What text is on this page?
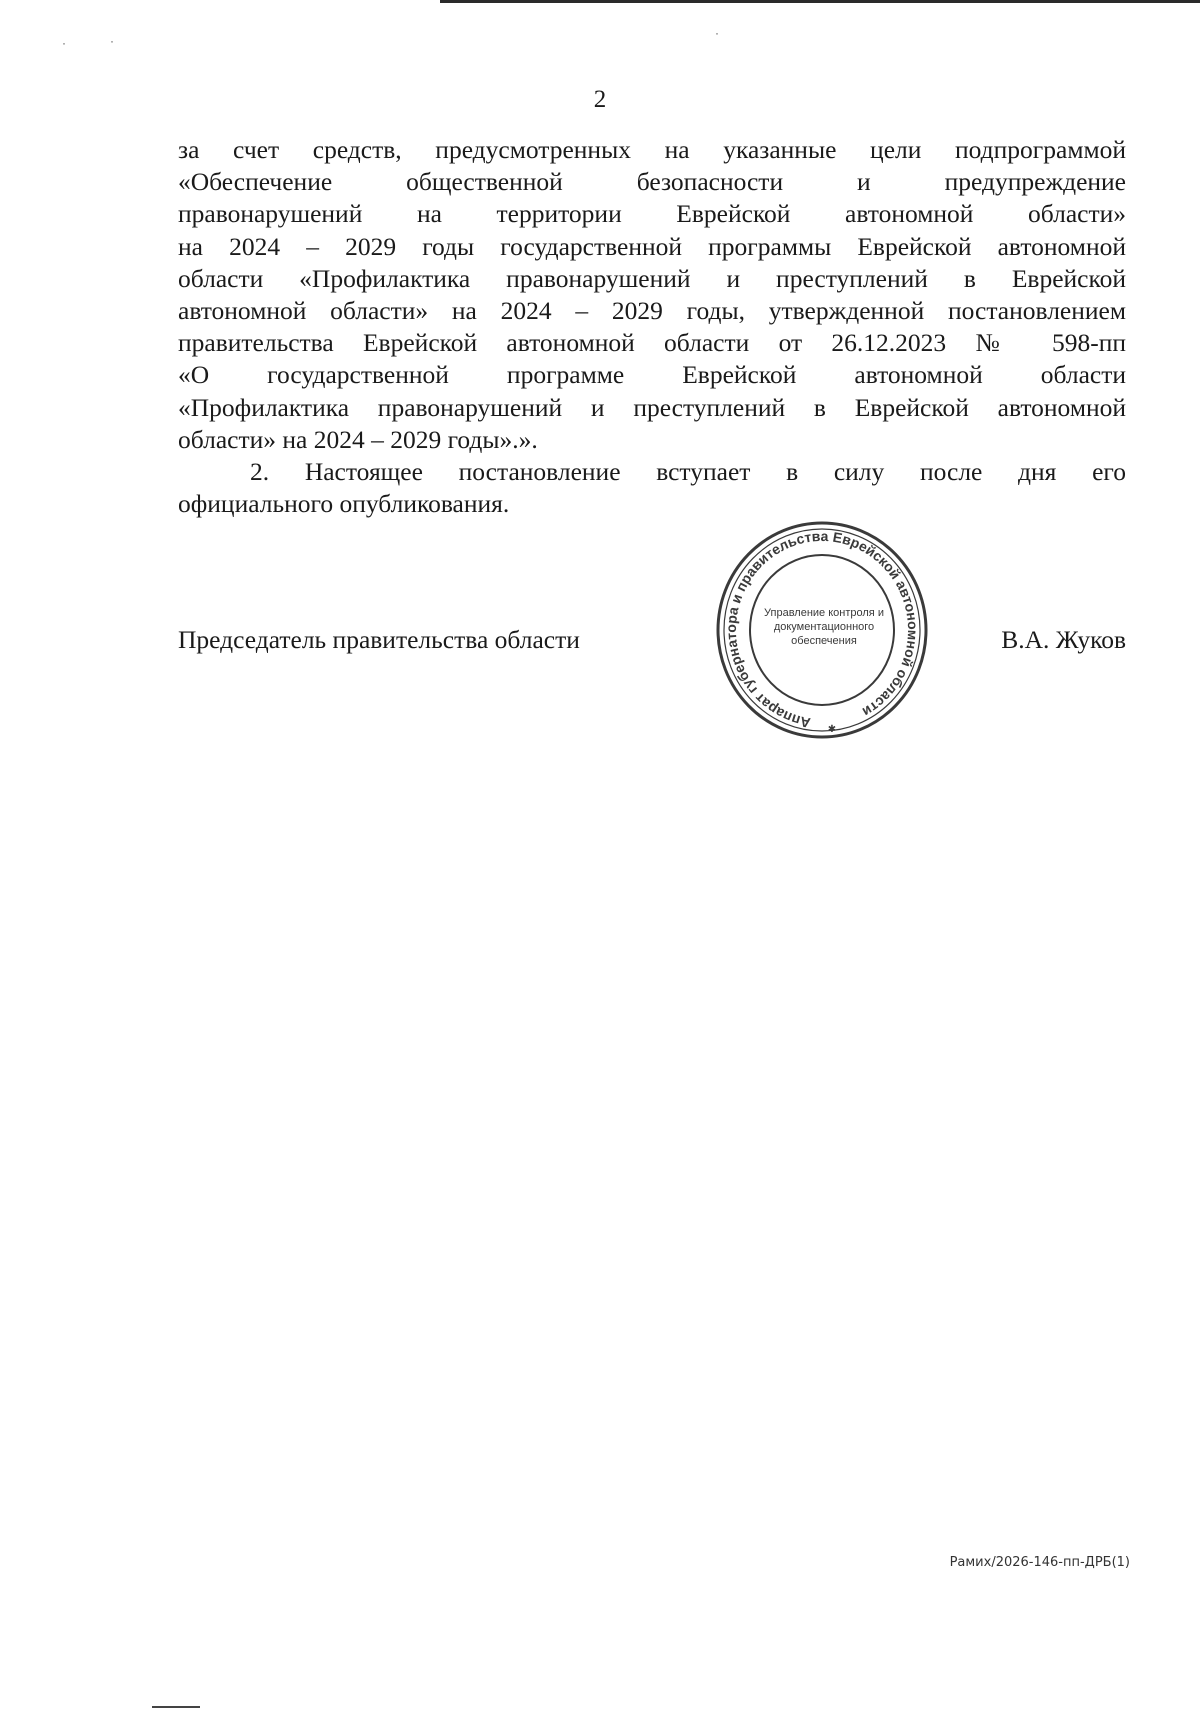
·	·
·
2
за счет средств, предусмотренных на указанные цели подпрограммой
«Обеспечение общественной безопасности и предупреждение
правонарушений на территории Еврейской автономной области»
на 2024 – 2029 годы государственной программы Еврейской автономной
области «Профилактика правонарушений и преступлений в Еврейской
автономной области» на 2024 – 2029 годы, утвержденной постановлением
правительства Еврейской автономной области от 26.12.2023 № 598-пп
«О государственной программе Еврейской автономной области
«Профилактика правонарушений и преступлений в Еврейской автономной
области» на 2024 – 2029 годы».».
2. Настоящее постановление вступает в силу после дня его
официального опубликования.
Аппарат губернатора и правительства Еврейской автономной области
Управление контроля и
документационного
обеспечения
✱
Председатель правительства области	В.А. Жуков
Рамих/2026-146-пп-ДРБ(1)
